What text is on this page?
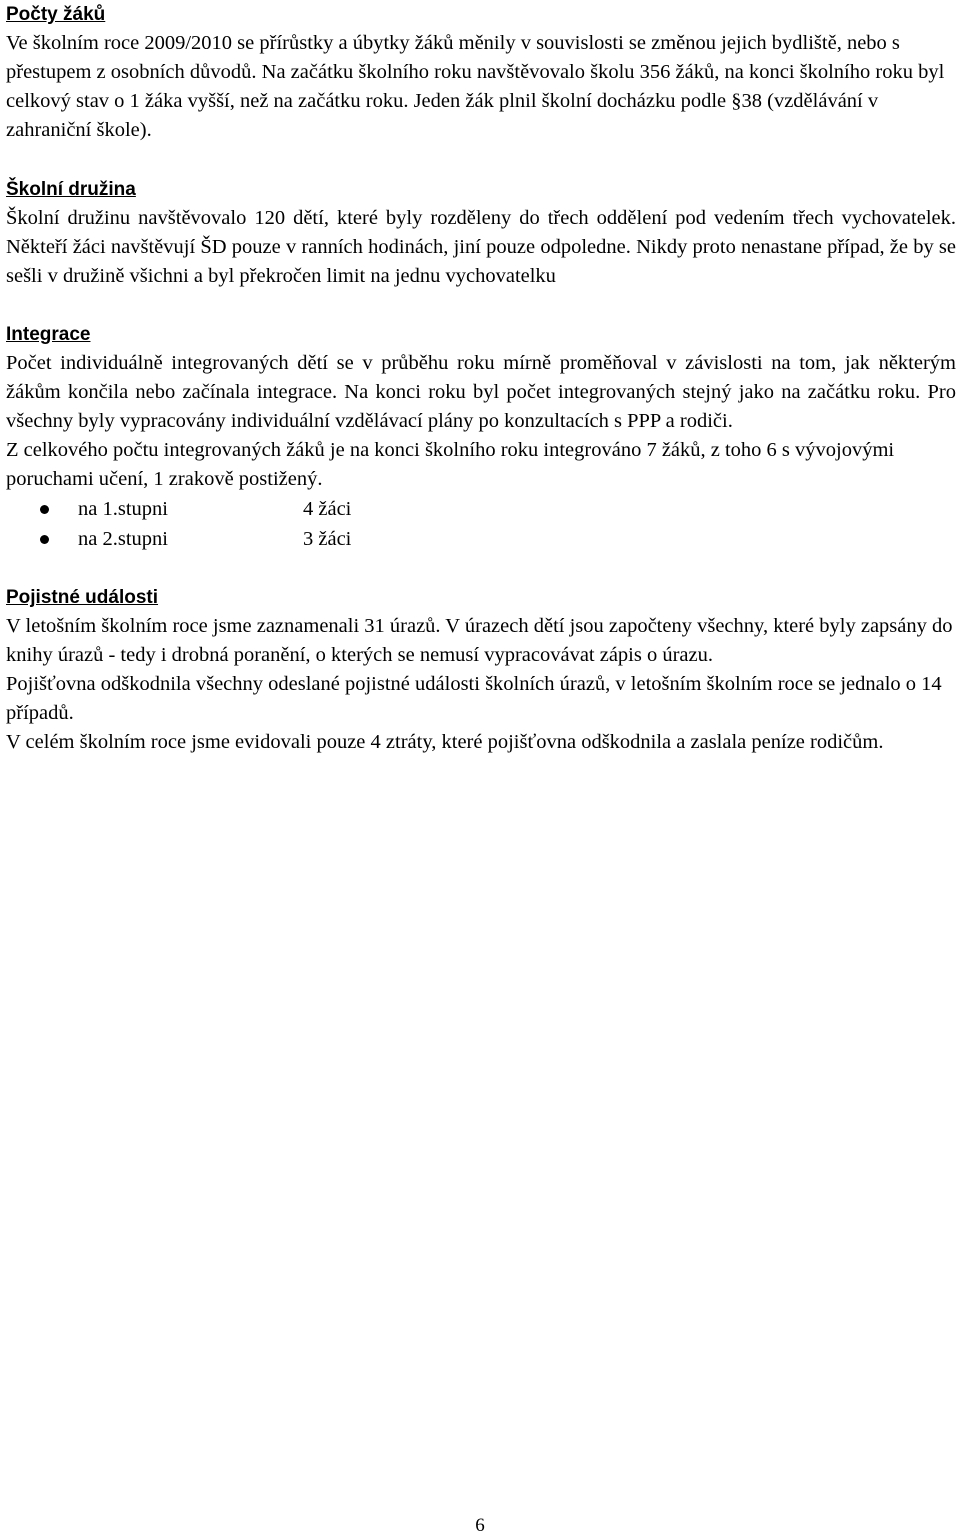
Počty žáků

Ve školním roce 2009/2010 se přírůstky a úbytky žáků měnily v souvislosti se změnou jejich bydliště, nebo s přestupem z osobních důvodů. Na začátku školního roku navštěvovalo školu 356 žáků, na konci školního roku byl celkový stav o 1 žáka vyšší, než na začátku roku. Jeden žák plnil školní docházku podle §38 (vzdělávání v zahraniční škole).

Školní družina

Školní družinu navštěvovalo 120 dětí, které byly rozděleny do třech oddělení pod vedením třech vychovatelek. Někteří žáci navštěvují ŠD pouze v ranních hodinách, jiní pouze odpoledne. Nikdy proto nenastane případ, že by se sešli v družině všichni a byl překročen limit na jednu vychovatelku

Integrace

Počet individuálně integrovaných dětí se v průběhu roku mírně proměňoval v závislosti na tom, jak některým žákům končila nebo začínala integrace. Na konci roku byl počet integrovaných stejný jako na začátku roku. Pro všechny byly vypracovány individuální vzdělávací plány po konzultacích s PPP a rodiči.

Z celkového počtu integrovaných žáků je na konci školního roku integrováno 7 žáků, z toho 6 s vývojovými poruchami učení, 1 zrakově postižený.

na 1.stupni	4 žáci
na 2.stupni	3 žáci
Pojistné události

V letošním školním roce jsme zaznamenali 31 úrazů. V úrazech dětí jsou započteny všechny, které byly zapsány do knihy úrazů - tedy i drobná poranění, o kterých se nemusí vypracovávat zápis o úrazu.

Pojišťovna odškodnila všechny odeslané pojistné události školních úrazů, v letošním školním roce se jednalo o 14 případů.

V celém školním roce jsme evidovali pouze 4 ztráty, které pojišťovna odškodnila a zaslala peníze rodičům.

6
